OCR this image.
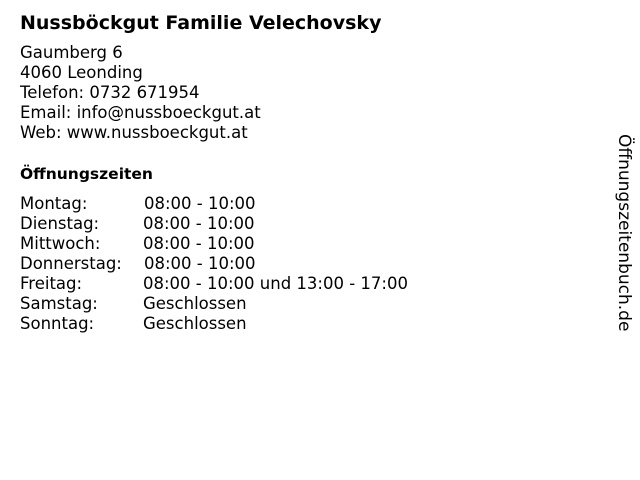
Nussböckgut Familie Velechovsky
Gaumberg 6
4060 Leonding
Telefon: 0732 671954
Email: info@nussboeckgut.at
Web: www.nussboeckgut.at
Öffnungszeiten
Montag:	08:00 - 10:00
Dienstag:	08:00 - 10:00
Mittwoch:	08:00 - 10:00
Donnerstag: 08:00 - 10:00
Freitag:	08:00 - 10:00 und 13:00 - 17:00
Samstag:	Geschlossen
Sonntag:	Geschlossen	Öffnungszeitenbuch.de
